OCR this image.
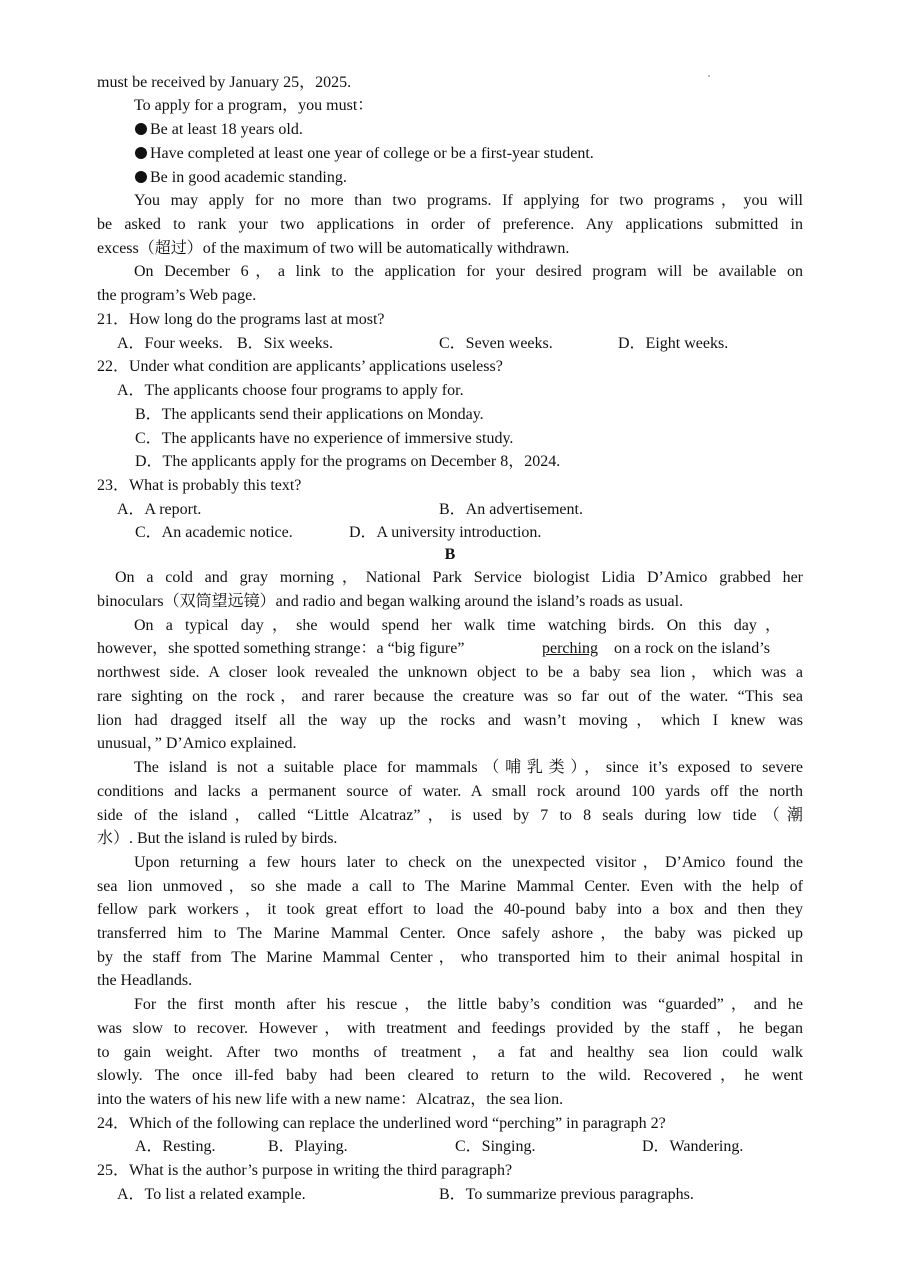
must be received by January 25，2025.
To apply for a program，you must：
Be at least 18 years old.
Have completed at least one year of college or be a first-year student.
Be in good academic standing.
You may apply for no more than two programs. If applying for two programs，you will
be asked to rank your two applications in order of preference. Any applications submitted in
excess（超过）of the maximum of two will be automatically withdrawn.
On December 6，a link to the application for your desired program will be available on
the program’s Web page.
21．How long do the programs last at most?
A．Four weeks. B．Six weeks.	C．Seven weeks.	D．Eight weeks.
22．Under what condition are applicants’ applications useless?
A．The applicants choose four programs to apply for.
B．The applicants send their applications on Monday.
C．The applicants have no experience of immersive study.
D．The applicants apply for the programs on December 8，2024.
23．What is probably this text?
A．A report.	B．An advertisement.
C．An academic notice.	D．A university introduction.
B
On a cold and gray morning，National Park Service biologist Lidia D’Amico grabbed her
binoculars（双筒望远镜）and radio and began walking around the island’s roads as usual.
On a typical day，she would spend her walk time watching birds. On this day，
however，she spotted something strange：a “big figure”	perching on a rock on the island’s
northwest side. A closer look revealed the unknown object to be a baby sea lion，which was a
rare sighting on the rock，and rarer because the creature was so far out of the water. “This sea
lion had dragged itself all the way up the rocks and wasn’t moving，which I knew was
unusual，” D’Amico explained.
The island is not a suitable place for mammals（哺乳类），since it’s exposed to severe
conditions and lacks a permanent source of water. A small rock around 100 yards off the north
side of the island，called “Little Alcatraz”，is used by 7 to 8 seals during low tide（潮
水）. But the island is ruled by birds.
Upon returning a few hours later to check on the unexpected visitor，D’Amico found the
sea lion unmoved，so she made a call to The Marine Mammal Center. Even with the help of
fellow park workers，it took great effort to load the 40-pound baby into a box and then they
transferred him to The Marine Mammal Center. Once safely ashore，the baby was picked up
by the staff from The Marine Mammal Center，who transported him to their animal hospital in
the Headlands.
For the first month after his rescue，the little baby’s condition was “guarded”，and he
was slow to recover. However，with treatment and feedings provided by the staff，he began
to gain weight. After two months of treatment，a fat and healthy sea lion could walk
slowly. The once ill-fed baby had been cleared to return to the wild. Recovered，he went
into the waters of his new life with a new name：Alcatraz，the sea lion.
24．Which of the following can replace the underlined word “perching” in paragraph 2?
A．Resting.	B．Playing.	C．Singing.	D．Wandering.
25．What is the author’s purpose in writing the third paragraph?
A．To list a related example.	B．To summarize previous paragraphs.
